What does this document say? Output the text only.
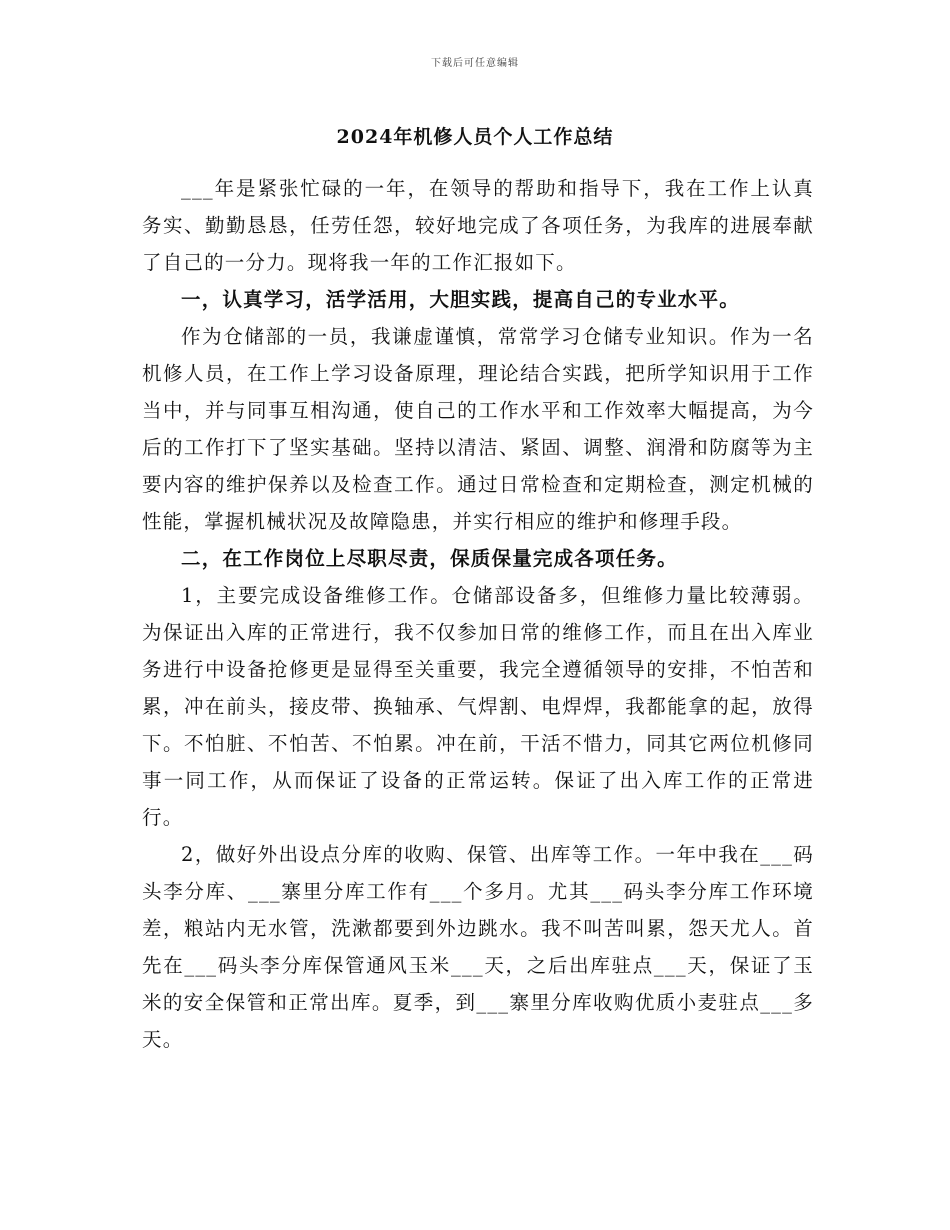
下载后可任意编辑
2024年机修人员个人工作总结

___年是紧张忙碌的一年，在领导的帮助和指导下，我在工作上认真务实、勤勤恳恳，任劳任怨，较好地完成了各项任务，为我库的进展奉献了自己的一分力。现将我一年的工作汇报如下。

一，认真学习，活学活用，大胆实践，提高自己的专业水平。

作为仓储部的一员，我谦虚谨慎，常常学习仓储专业知识。作为一名机修人员，在工作上学习设备原理，理论结合实践，把所学知识用于工作当中，并与同事互相沟通，使自己的工作水平和工作效率大幅提高，为今后的工作打下了坚实基础。坚持以清洁、紧固、调整、润滑和防腐等为主要内容的维护保养以及检查工作。通过日常检查和定期检查，测定机械的性能，掌握机械状况及故障隐患，并实行相应的维护和修理手段。

二，在工作岗位上尽职尽责，保质保量完成各项任务。

1，主要完成设备维修工作。仓储部设备多，但维修力量比较薄弱。为保证出入库的正常进行，我不仅参加日常的维修工作，而且在出入库业务进行中设备抢修更是显得至关重要，我完全遵循领导的安排，不怕苦和累，冲在前头，接皮带、换轴承、气焊割、电焊焊，我都能拿的起，放得下。不怕脏、不怕苦、不怕累。冲在前，干活不惜力，同其它两位机修同事一同工作，从而保证了设备的正常运转。保证了出入库工作的正常进行。

2，做好外出设点分库的收购、保管、出库等工作。一年中我在___码头李分库、___寨里分库工作有___个多月。尤其___码头李分库工作环境差，粮站内无水管，洗漱都要到外边跳水。我不叫苦叫累，怨天尤人。首先在___码头李分库保管通风玉米___天，之后出库驻点___天，保证了玉米的安全保管和正常出库。夏季，到___寨里分库收购优质小麦驻点___多天。
